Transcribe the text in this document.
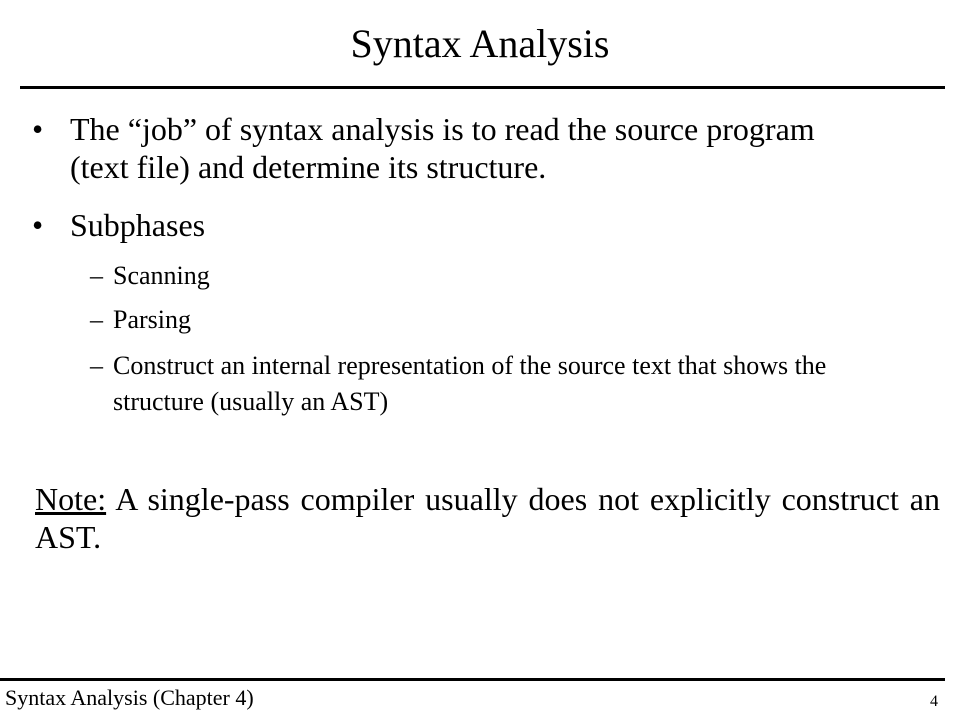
Syntax Analysis
• The “job” of syntax analysis is to read the source program (text file) and determine its structure.
• Subphases
– Scanning
– Parsing
– Construct an internal representation of the source text that shows the structure (usually an AST)
Note: A single-pass compiler usually does not explicitly construct an AST.
Syntax Analysis (Chapter 4)	4
